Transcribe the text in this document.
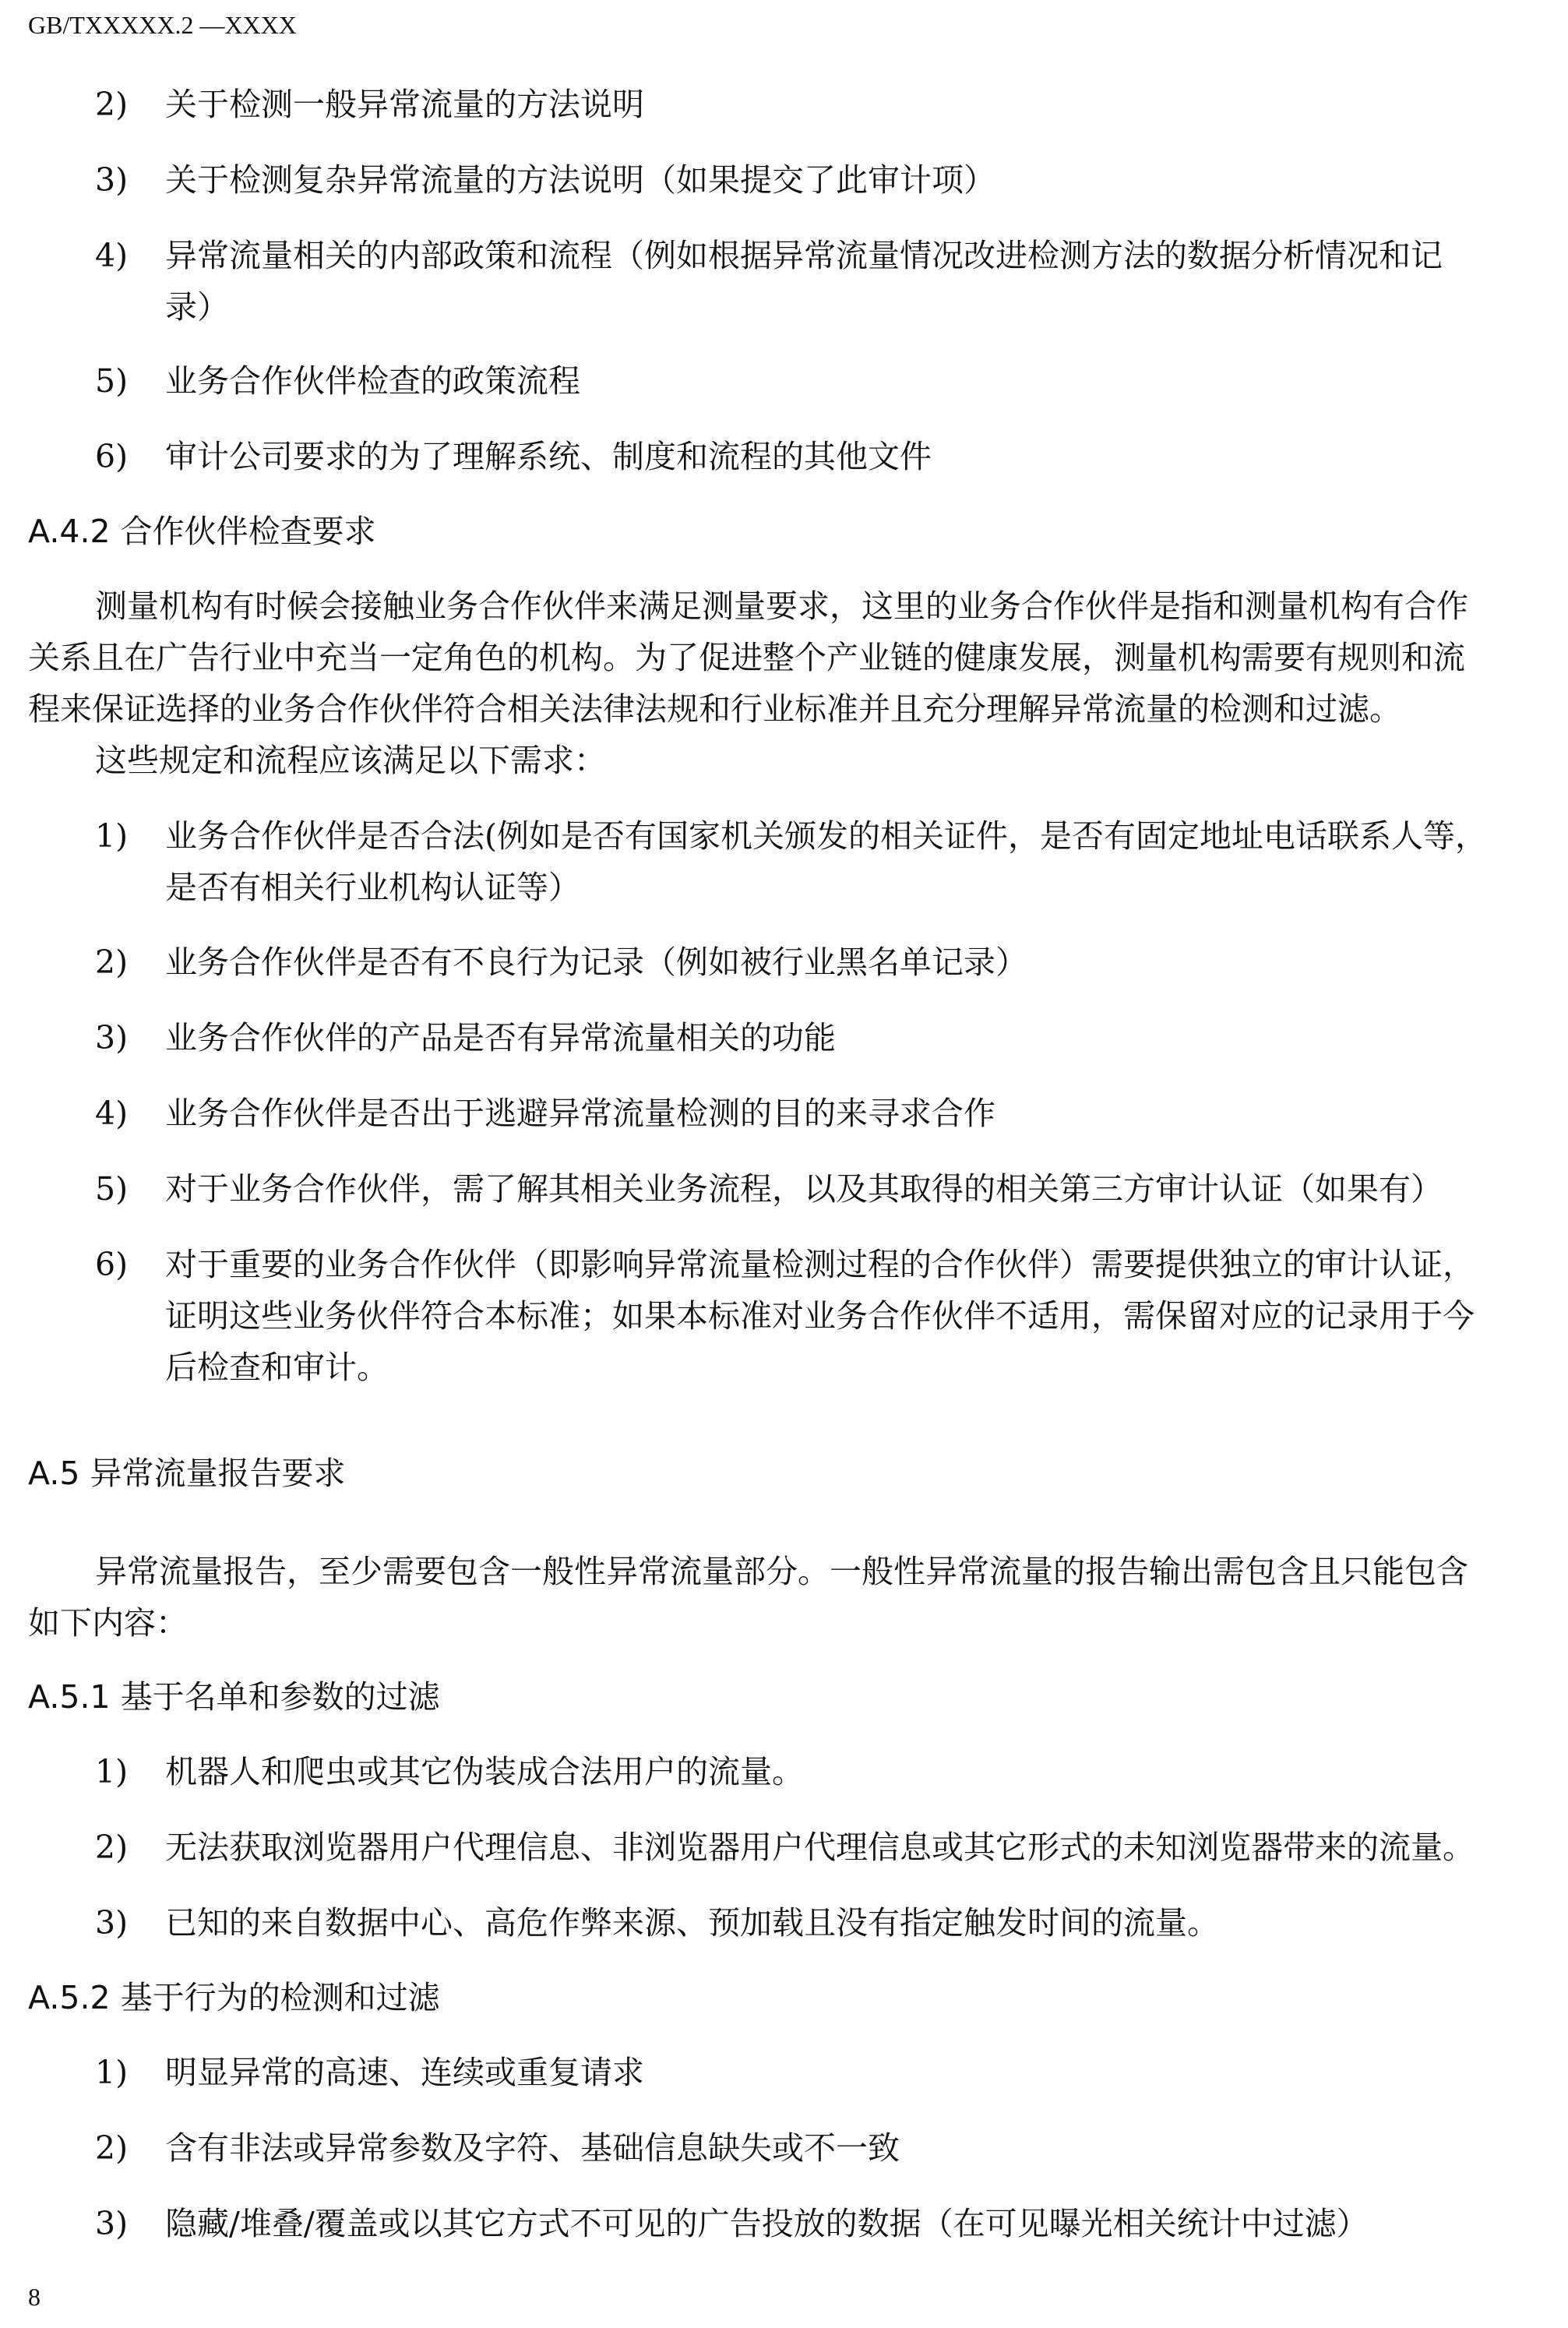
GB/TXXXXX.2 —XXXX
8
2) 关于检测一般异常流量的方法说明
3) 关于检测复杂异常流量的方法说明（如果提交了此审计项）
4) 异常流量相关的内部政策和流程（例如根据异常流量情况改进检测方法的数据分析情况和记
录）
5) 业务合作伙伴检查的政策流程
6) 审计公司要求的为了理解系统、制度和流程的其他文件
A.4.2 合作伙伴检查要求
测量机构有时候会接触业务合作伙伴来满足测量要求，这里的业务合作伙伴是指和测量机构有合作
关系且在广告行业中充当一定角色的机构。为了促进整个产业链的健康发展，测量机构需要有规则和流
程来保证选择的业务合作伙伴符合相关法律法规和行业标准并且充分理解异常流量的检测和过滤。
这些规定和流程应该满足以下需求：
1) 业务合作伙伴是否合法(例如是否有国家机关颁发的相关证件，是否有固定地址电话联系人等，
是否有相关行业机构认证等）
2) 业务合作伙伴是否有不良行为记录（例如被行业黑名单记录）
3) 业务合作伙伴的产品是否有异常流量相关的功能
4) 业务合作伙伴是否出于逃避异常流量检测的目的来寻求合作
5) 对于业务合作伙伴，需了解其相关业务流程，以及其取得的相关第三方审计认证（如果有）
6) 对于重要的业务合作伙伴（即影响异常流量检测过程的合作伙伴）需要提供独立的审计认证，
证明这些业务伙伴符合本标准；如果本标准对业务合作伙伴不适用，需保留对应的记录用于今
后检查和审计。
A.5 异常流量报告要求
异常流量报告，至少需要包含一般性异常流量部分。一般性异常流量的报告输出需包含且只能包含
如下内容：
A.5.1 基于名单和参数的过滤
1) 机器人和爬虫或其它伪装成合法用户的流量。
2) 无法获取浏览器用户代理信息、非浏览器用户代理信息或其它形式的未知浏览器带来的流量。
3) 已知的来自数据中心、高危作弊来源、预加载且没有指定触发时间的流量。
A.5.2 基于行为的检测和过滤
1) 明显异常的高速、连续或重复请求
2) 含有非法或异常参数及字符、基础信息缺失或不一致
3) 隐藏/堆叠/覆盖或以其它方式不可见的广告投放的数据（在可见曝光相关统计中过滤）
